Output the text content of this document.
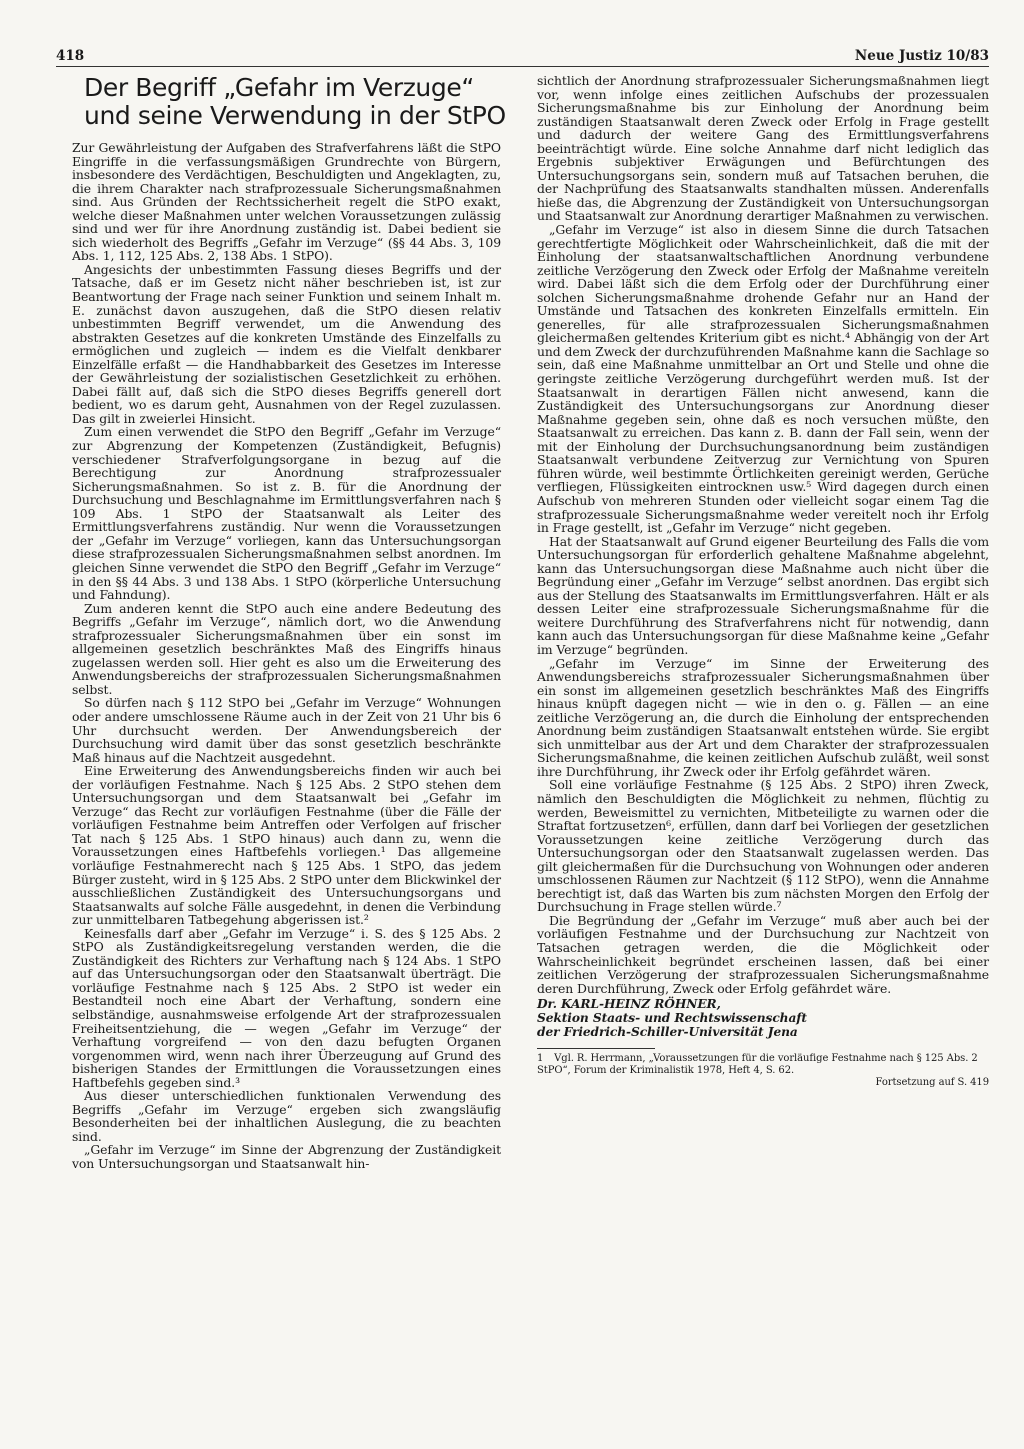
418	Neue Justiz 10/83
Der Begriff „Gefahr im Verzuge“
und seine Verwendung in der StPO

Zur Gewährleistung der Aufgaben des Strafverfahrens läßt die StPO Eingriffe in die verfassungsmäßigen Grundrechte von Bürgern, insbesondere des Verdächtigen, Beschuldigten und Angeklagten, zu, die ihrem Charakter nach strafprozessuale Sicherungsmaßnahmen sind. Aus Gründen der Rechtssicherheit regelt die StPO exakt, welche dieser Maßnahmen unter welchen Voraussetzungen zulässig sind und wer für ihre Anordnung zuständig ist. Dabei bedient sie sich wiederholt des Begriffs „Gefahr im Verzuge“ (§§ 44 Abs. 3, 109 Abs. 1, 112, 125 Abs. 2, 138 Abs. 1 StPO).

Angesichts der unbestimmten Fassung dieses Begriffs und der Tatsache, daß er im Gesetz nicht näher beschrieben ist, ist zur Beantwortung der Frage nach seiner Funktion und seinem Inhalt m. E. zunächst davon auszugehen, daß die StPO diesen relativ unbestimmten Begriff verwendet, um die Anwendung des abstrakten Gesetzes auf die konkreten Umstände des Einzelfalls zu ermöglichen und zugleich — indem es die Vielfalt denkbarer Einzelfälle erfaßt — die Handhabbarkeit des Gesetzes im Interesse der Gewährleistung der sozialistischen Gesetzlichkeit zu erhöhen. Dabei fällt auf, daß sich die StPO dieses Begriffs generell dort bedient, wo es darum geht, Ausnahmen von der Regel zuzulassen. Das gilt in zweierlei Hinsicht.

Zum einen verwendet die StPO den Begriff „Gefahr im Verzuge“ zur Abgrenzung der Kompetenzen (Zuständigkeit, Befugnis) verschiedener Strafverfolgungsorgane in bezug auf die Berechtigung zur Anordnung strafprozessualer Sicherungsmaßnahmen. So ist z. B. für die Anordnung der Durchsuchung und Beschlagnahme im Ermittlungsverfahren nach § 109 Abs. 1 StPO der Staatsanwalt als Leiter des Ermittlungsverfahrens zuständig. Nur wenn die Voraussetzungen der „Gefahr im Verzuge“ vorliegen, kann das Untersuchungsorgan diese strafprozessualen Sicherungsmaßnahmen selbst anordnen. Im gleichen Sinne verwendet die StPO den Begriff „Gefahr im Verzuge“ in den §§ 44 Abs. 3 und 138 Abs. 1 StPO (körperliche Untersuchung und Fahndung).

Zum anderen kennt die StPO auch eine andere Bedeutung des Begriffs „Gefahr im Verzuge“, nämlich dort, wo die Anwendung strafprozessualer Sicherungsmaßnahmen über ein sonst im allgemeinen gesetzlich beschränktes Maß des Eingriffs hinaus zugelassen werden soll. Hier geht es also um die Erweiterung des Anwendungsbereichs der strafprozessualen Sicherungsmaßnahmen selbst.

So dürfen nach § 112 StPO bei „Gefahr im Verzuge“ Wohnungen oder andere umschlossene Räume auch in der Zeit von 21 Uhr bis 6 Uhr durchsucht werden. Der Anwendungsbereich der Durchsuchung wird damit über das sonst gesetzlich beschränkte Maß hinaus auf die Nachtzeit ausgedehnt.

Eine Erweiterung des Anwendungsbereichs finden wir auch bei der vorläufigen Festnahme. Nach § 125 Abs. 2 StPO stehen dem Untersuchungsorgan und dem Staatsanwalt bei „Gefahr im Verzuge“ das Recht zur vorläufigen Festnahme (über die Fälle der vorläufigen Festnahme beim Antreffen oder Verfolgen auf frischer Tat nach § 125 Abs. 1 StPO hinaus) auch dann zu, wenn die Voraussetzungen eines Haftbefehls vorliegen.¹ Das allgemeine vorläufige Festnahmerecht nach § 125 Abs. 1 StPO, das jedem Bürger zusteht, wird in § 125 Abs. 2 StPO unter dem Blickwinkel der ausschließlichen Zuständigkeit des Untersuchungsorgans und Staatsanwalts auf solche Fälle ausgedehnt, in denen die Verbindung zur unmittelbaren Tatbegehung abgerissen ist.²

Keinesfalls darf aber „Gefahr im Verzuge“ i. S. des § 125 Abs. 2 StPO als Zuständigkeitsregelung verstanden werden, die die Zuständigkeit des Richters zur Verhaftung nach § 124 Abs. 1 StPO auf das Untersuchungsorgan oder den Staatsanwalt überträgt. Die vorläufige Festnahme nach § 125 Abs. 2 StPO ist weder ein Bestandteil noch eine Abart der Verhaftung, sondern eine selbständige, ausnahmsweise erfolgende Art der strafprozessualen Freiheitsentziehung, die — wegen „Gefahr im Verzuge“ der Verhaftung vorgreifend — von den dazu befugten Organen vorgenommen wird, wenn nach ihrer Überzeugung auf Grund des bisherigen Standes der Ermittlungen die Voraussetzungen eines Haftbefehls gegeben sind.³

Aus dieser unterschiedlichen funktionalen Verwendung des Begriffs „Gefahr im Verzuge“ ergeben sich zwangsläufig Besonderheiten bei der inhaltlichen Auslegung, die zu beachten sind.

„Gefahr im Verzuge“ im Sinne der Abgrenzung der Zuständigkeit von Untersuchungsorgan und Staatsanwalt hin-

sichtlich der Anordnung strafprozessualer Sicherungsmaßnahmen liegt vor, wenn infolge eines zeitlichen Aufschubs der prozessualen Sicherungsmaßnahme bis zur Einholung der Anordnung beim zuständigen Staatsanwalt deren Zweck oder Erfolg in Frage gestellt und dadurch der weitere Gang des Ermittlungsverfahrens beeinträchtigt würde. Eine solche Annahme darf nicht lediglich das Ergebnis subjektiver Erwägungen und Befürchtungen des Untersuchungsorgans sein, sondern muß auf Tatsachen beruhen, die der Nachprüfung des Staatsanwalts standhalten müssen. Anderenfalls hieße das, die Abgrenzung der Zuständigkeit von Untersuchungsorgan und Staatsanwalt zur Anordnung derartiger Maßnahmen zu verwischen.

„Gefahr im Verzuge“ ist also in diesem Sinne die durch Tatsachen gerechtfertigte Möglichkeit oder Wahrscheinlichkeit, daß die mit der Einholung der staatsanwaltschaftlichen Anordnung verbundene zeitliche Verzögerung den Zweck oder Erfolg der Maßnahme vereiteln wird. Dabei läßt sich die dem Erfolg oder der Durchführung einer solchen Sicherungsmaßnahme drohende Gefahr nur an Hand der Umstände und Tatsachen des konkreten Einzelfalls ermitteln. Ein generelles, für alle strafprozessualen Sicherungsmaßnahmen gleichermaßen geltendes Kriterium gibt es nicht.⁴ Abhängig von der Art und dem Zweck der durchzuführenden Maßnahme kann die Sachlage so sein, daß eine Maßnahme unmittelbar an Ort und Stelle und ohne die geringste zeitliche Verzögerung durchgeführt werden muß. Ist der Staatsanwalt in derartigen Fällen nicht anwesend, kann die Zuständigkeit des Untersuchungsorgans zur Anordnung dieser Maßnahme gegeben sein, ohne daß es noch versuchen müßte, den Staatsanwalt zu erreichen. Das kann z. B. dann der Fall sein, wenn der mit der Einholung der Durchsuchungsanordnung beim zuständigen Staatsanwalt verbundene Zeitverzug zur Vernichtung von Spuren führen würde, weil bestimmte Örtlichkeiten gereinigt werden, Gerüche verfliegen, Flüssigkeiten eintrocknen usw.⁵ Wird dagegen durch einen Aufschub von mehreren Stunden oder vielleicht sogar einem Tag die strafprozessuale Sicherungsmaßnahme weder vereitelt noch ihr Erfolg in Frage gestellt, ist „Gefahr im Verzuge“ nicht gegeben.

Hat der Staatsanwalt auf Grund eigener Beurteilung des Falls die vom Untersuchungsorgan für erforderlich gehaltene Maßnahme abgelehnt, kann das Untersuchungsorgan diese Maßnahme auch nicht über die Begründung einer „Gefahr im Verzuge“ selbst anordnen. Das ergibt sich aus der Stellung des Staatsanwalts im Ermittlungsverfahren. Hält er als dessen Leiter eine strafprozessuale Sicherungsmaßnahme für die weitere Durchführung des Strafverfahrens nicht für notwendig, dann kann auch das Untersuchungsorgan für diese Maßnahme keine „Gefahr im Verzuge“ begründen.

„Gefahr im Verzuge“ im Sinne der Erweiterung des Anwendungsbereichs strafprozessualer Sicherungsmaßnahmen über ein sonst im allgemeinen gesetzlich beschränktes Maß des Eingriffs hinaus knüpft dagegen nicht — wie in den o. g. Fällen — an eine zeitliche Verzögerung an, die durch die Einholung der entsprechenden Anordnung beim zuständigen Staatsanwalt entstehen würde. Sie ergibt sich unmittelbar aus der Art und dem Charakter der strafprozessualen Sicherungsmaßnahme, die keinen zeitlichen Aufschub zuläßt, weil sonst ihre Durchführung, ihr Zweck oder ihr Erfolg gefährdet wären.

Soll eine vorläufige Festnahme (§ 125 Abs. 2 StPO) ihren Zweck, nämlich den Beschuldigten die Möglichkeit zu nehmen, flüchtig zu werden, Beweismittel zu vernichten, Mitbeteiligte zu warnen oder die Straftat fortzusetzen⁶, erfüllen, dann darf bei Vorliegen der gesetzlichen Voraussetzungen keine zeitliche Verzögerung durch das Untersuchungsorgan oder den Staatsanwalt zugelassen werden. Das gilt gleichermaßen für die Durchsuchung von Wohnungen oder anderen umschlossenen Räumen zur Nachtzeit (§ 112 StPO), wenn die Annahme berechtigt ist, daß das Warten bis zum nächsten Morgen den Erfolg der Durchsuchung in Frage stellen würde.⁷

Die Begründung der „Gefahr im Verzuge“ muß aber auch bei der vorläufigen Festnahme und der Durchsuchung zur Nachtzeit von Tatsachen getragen werden, die die Möglichkeit oder Wahrscheinlichkeit begründet erscheinen lassen, daß bei einer zeitlichen Verzögerung der strafprozessualen Sicherungsmaßnahme deren Durchführung, Zweck oder Erfolg gefährdet wäre.

Dr. KARL-HEINZ RÖHNER,
Sektion Staats- und Rechtswissenschaft
der Friedrich-Schiller-Universität Jena
1 Vgl. R. Herrmann, „Voraussetzungen für die vorläufige Festnahme nach § 125 Abs. 2 StPO“, Forum der Kriminalistik 1978, Heft 4, S. 62.
Fortsetzung auf S. 419
